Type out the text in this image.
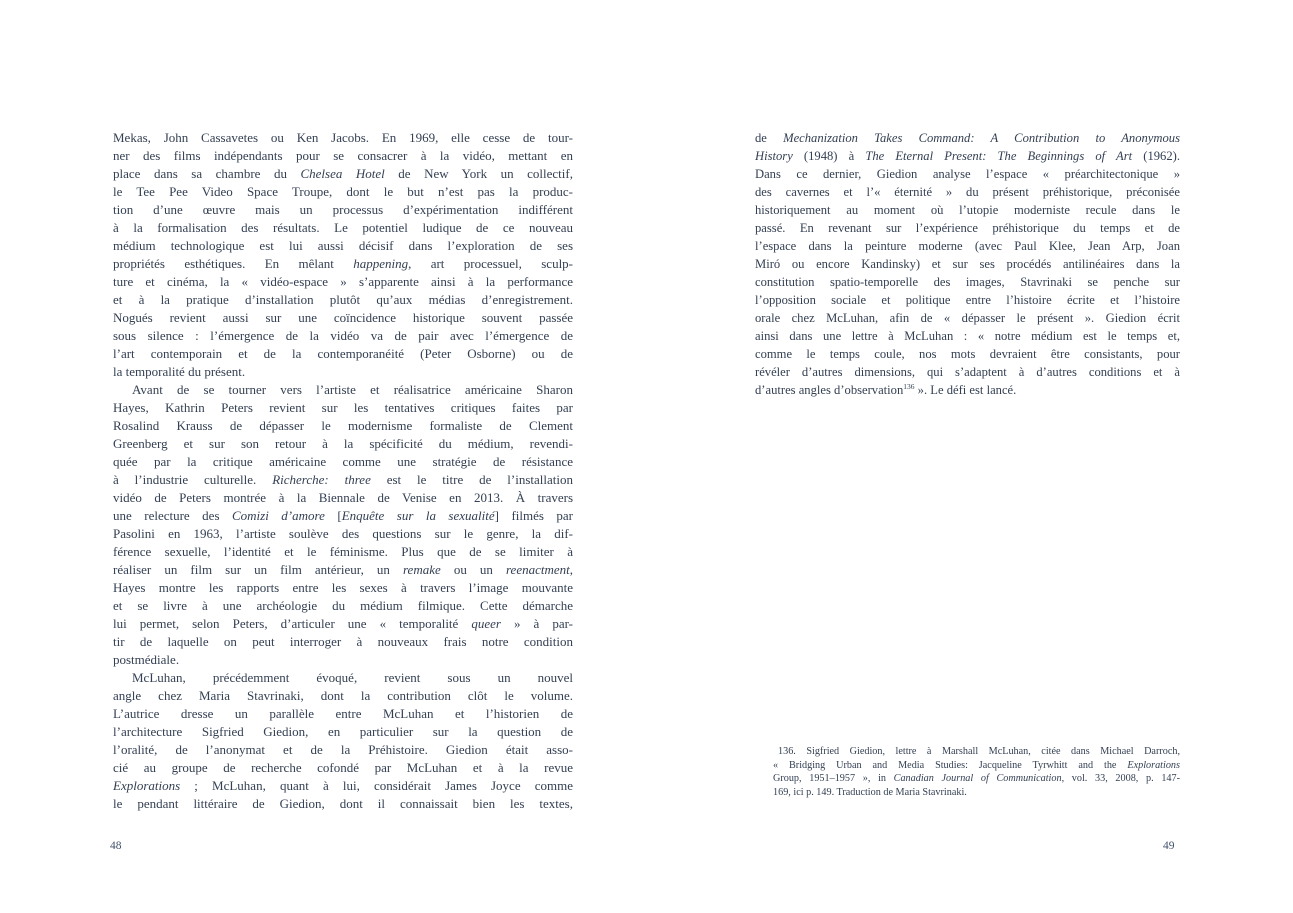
Mekas, John Cassavetes ou Ken Jacobs. En 1969, elle cesse de tour-
ner des films indépendants pour se consacrer à la vidéo, mettant en
place dans sa chambre du Chelsea Hotel de New York un collectif,
le Tee Pee Video Space Troupe, dont le but n’est pas la produc-
tion d’une œuvre mais un processus d’expérimentation indifférent
à la formalisation des résultats. Le potentiel ludique de ce nouveau
médium technologique est lui aussi décisif dans l’exploration de ses
propriétés esthétiques. En mêlant happening, art processuel, sculp-
ture et cinéma, la « vidéo-espace » s’apparente ainsi à la performance
et à la pratique d’installation plutôt qu’aux médias d’enregistrement.
Nogués revient aussi sur une coïncidence historique souvent passée
sous silence : l’émergence de la vidéo va de pair avec l’émergence de
l’art contemporain et de la contemporanéité (Peter Osborne) ou de
la temporalité du présent.
Avant de se tourner vers l’artiste et réalisatrice américaine Sharon
Hayes, Kathrin Peters revient sur les tentatives critiques faites par
Rosalind Krauss de dépasser le modernisme formaliste de Clement
Greenberg et sur son retour à la spécificité du médium, revendi-
quée par la critique américaine comme une stratégie de résistance
à l’industrie culturelle. Richerche: three est le titre de l’installation
vidéo de Peters montrée à la Biennale de Venise en 2013. À travers
une relecture des Comizi d’amore [Enquête sur la sexualité] filmés par
Pasolini en 1963, l’artiste soulève des questions sur le genre, la dif-
férence sexuelle, l’identité et le féminisme. Plus que de se limiter à
réaliser un film sur un film antérieur, un remake ou un reenactment,
Hayes montre les rapports entre les sexes à travers l’image mouvante
et se livre à une archéologie du médium filmique. Cette démarche
lui permet, selon Peters, d’articuler une « temporalité queer » à par-
tir de laquelle on peut interroger à nouveaux frais notre condition
postmédiale.
McLuhan, précédemment évoqué, revient sous un nouvel
angle chez Maria Stavrinaki, dont la contribution clôt le volume.
L’autrice dresse un parallèle entre McLuhan et l’historien de
l’architecture Sigfried Giedion, en particulier sur la question de
l’oralité, de l’anonymat et de la Préhistoire. Giedion était asso-
cié au groupe de recherche cofondé par McLuhan et à la revue
Explorations ; McLuhan, quant à lui, considérait James Joyce comme
le pendant littéraire de Giedion, dont il connaissait bien les textes,
de Mechanization Takes Command: A Contribution to Anonymous
History (1948) à The Eternal Present: The Beginnings of Art (1962).
Dans ce dernier, Giedion analyse l’espace « préarchitectonique »
des cavernes et l’« éternité » du présent préhistorique, préconisée
historiquement au moment où l’utopie moderniste recule dans le
passé. En revenant sur l’expérience préhistorique du temps et de
l’espace dans la peinture moderne (avec Paul Klee, Jean Arp, Joan
Miró ou encore Kandinsky) et sur ses procédés antilinéaires dans la
constitution spatio-temporelle des images, Stavrinaki se penche sur
l’opposition sociale et politique entre l’histoire écrite et l’histoire
orale chez McLuhan, afin de « dépasser le présent ». Giedion écrit
ainsi dans une lettre à McLuhan : « notre médium est le temps et,
comme le temps coule, nos mots devraient être consistants, pour
révéler d’autres dimensions, qui s’adaptent à d’autres conditions et à
d’autres angles d’observation$^{136}$ ». Le défi est lancé.
136. Sigfried Giedion, lettre à Marshall McLuhan, citée dans Michael Darroch,
« Bridging Urban and Media Studies: Jacqueline Tyrwhitt and the Explorations
Group, 1951–1957 », in Canadian Journal of Communication, vol. 33, 2008, p. 147-
169, ici p. 149. Traduction de Maria Stavrinaki.
48	49
